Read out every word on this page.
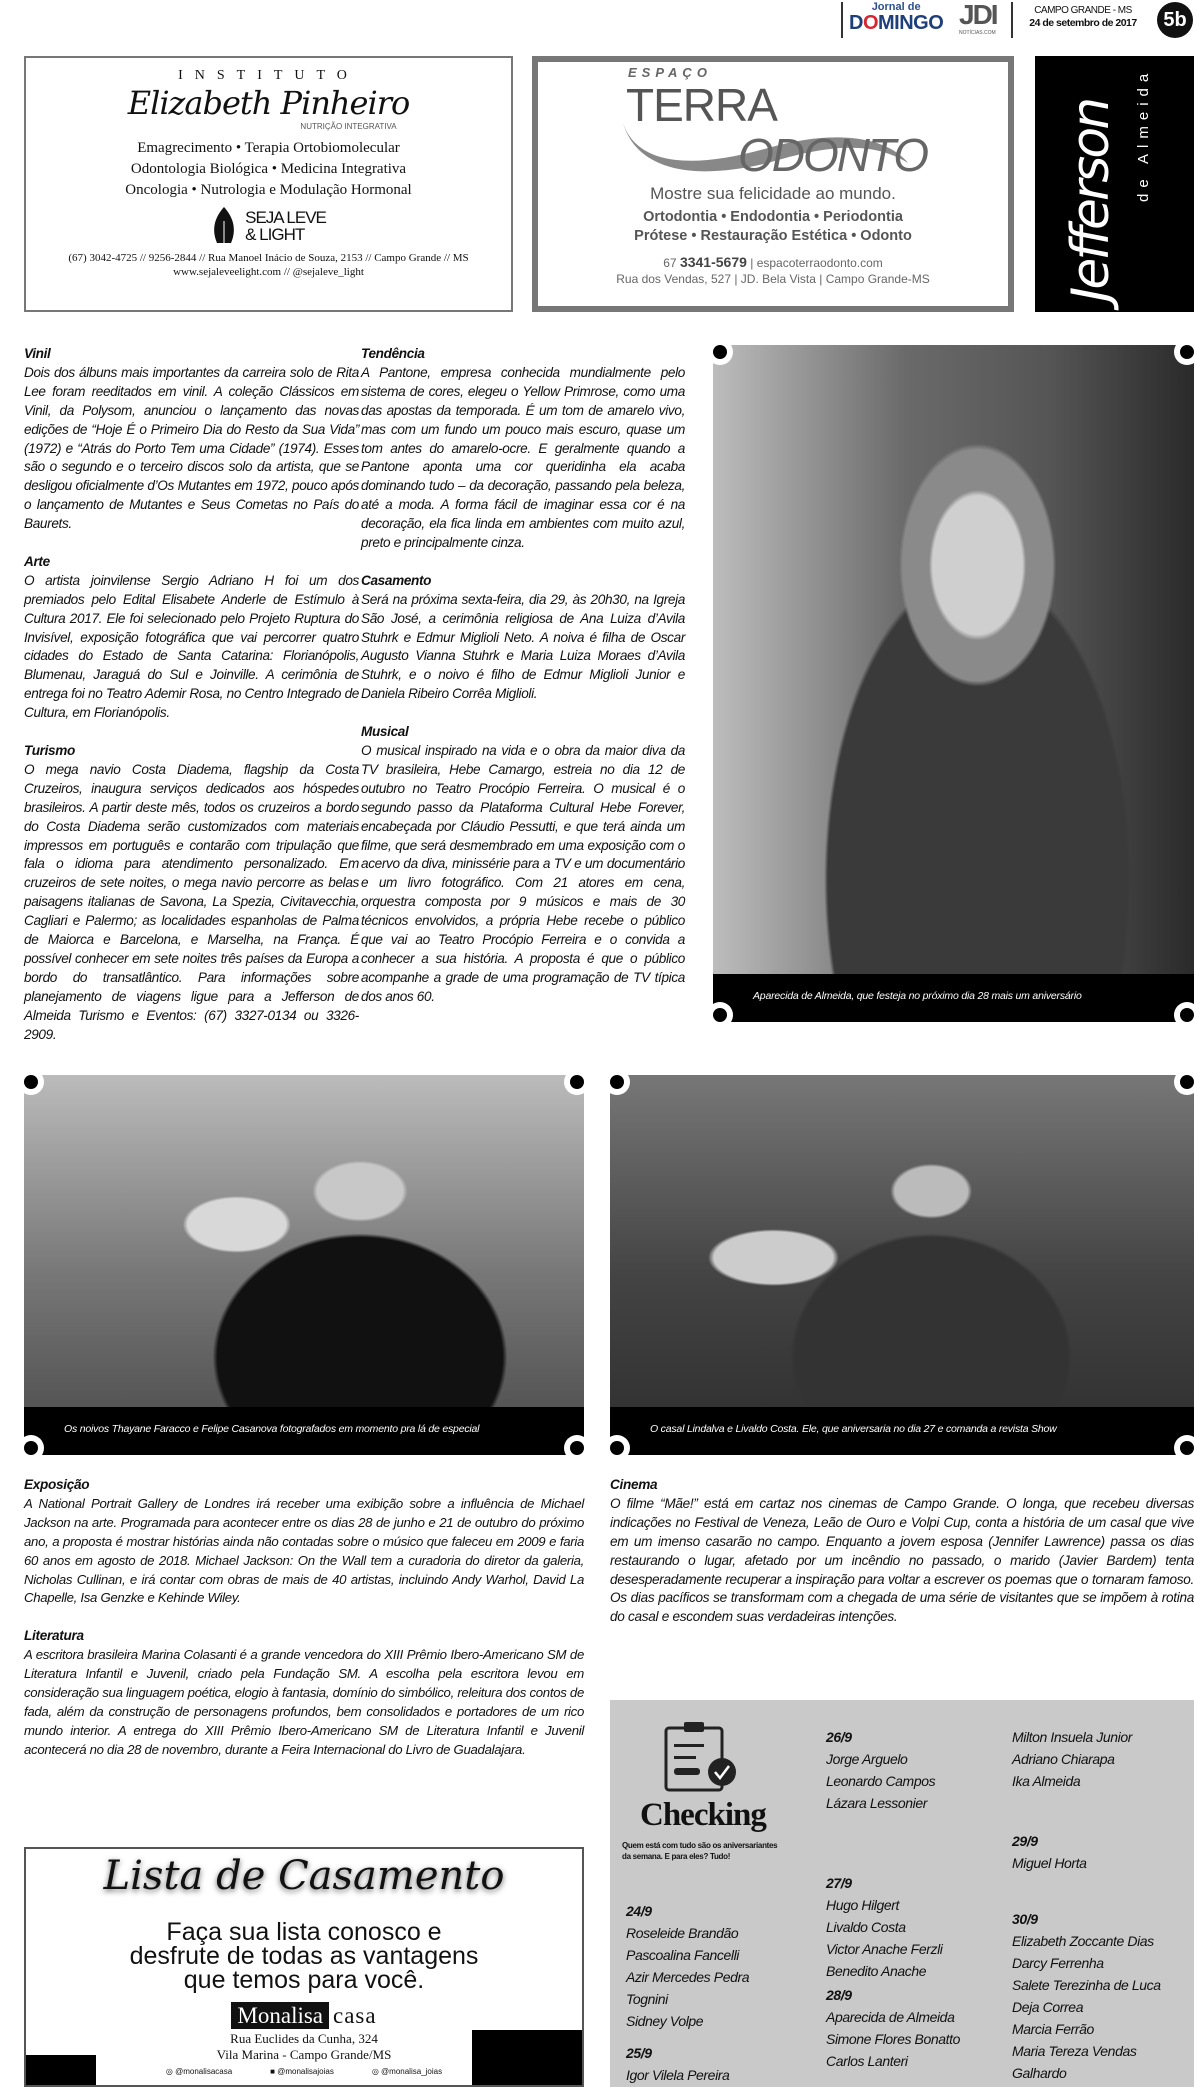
Jornal de
DOMINGO JDI
NOTÍCIAS.COM
CAMPO GRANDE - MS
24 de setembro de 2017	5b
INSTITUTO
Elizabeth Pinheiro
NUTRIÇÃO INTEGRATIVA
Emagrecimento • Terapia Ortobiomolecular
Odontologia Biológica • Medicina Integrativa
Oncologia • Nutrologia e Modulação Hormonal
SEJA LEVE
& LIGHT
(67) 3042-4725 // 9256-2844 // Rua Manoel Inácio de Souza, 2153 // Campo Grande // MS
www.sejaleveelight.com // @sejaleve_light
ESPAÇO
TERRA
ODONTO
Mostre sua felicidade ao mundo.
Ortodontia • Endodontia • Periodontia
Prótese • Restauração Estética • Odonto
67 3341-5679 | espacoterraodonto.com
Rua dos Vendas, 527 | JD. Bela Vista | Campo Grande-MS	Jefferson de Almeida
Vinil

Dois dos álbuns mais importantes da carreira solo de Rita Lee foram reeditados em vinil. A coleção Clássicos em Vinil, da Polysom, anunciou o lançamento das novas edições de “Hoje É o Primeiro Dia do Resto da Sua Vida” (1972) e “Atrás do Porto Tem uma Cidade” (1974). Esses são o segundo e o terceiro discos solo da artista, que se desligou oficialmente d’Os Mutantes em 1972, pouco após o lançamento de Mutantes e Seus Cometas no País do Baurets.

Arte

O artista joinvilense Sergio Adriano H foi um dos premiados pelo Edital Elisabete Anderle de Estímulo à Cultura 2017. Ele foi selecionado pelo Projeto Ruptura do Invisível, exposição fotográfica que vai percorrer quatro cidades do Estado de Santa Catarina: Florianópolis, Blumenau, Jaraguá do Sul e Joinville. A cerimônia de entrega foi no Teatro Ademir Rosa, no Centro Integrado de Cultura, em Florianópolis.

Turismo

O mega navio Costa Diadema, flagship da Costa Cruzeiros, inaugura serviços dedicados aos hóspedes brasileiros. A partir deste mês, todos os cruzeiros a bordo do Costa Diadema serão customizados com materiais impressos em português e contarão com tripulação que fala o idioma para atendimento personalizado. Em cruzeiros de sete noites, o mega navio percorre as belas paisagens italianas de Savona, La Spezia, Civitavecchia, Cagliari e Palermo; as localidades espanholas de Palma de Maiorca e Barcelona, e Marselha, na França. É possível conhecer em sete noites três países da Europa a bordo do transatlântico. Para informações sobre planejamento de viagens ligue para a Jefferson de Almeida Turismo e Eventos: (67) 3327-0134 ou 3326-2909.

Tendência

A Pantone, empresa conhecida mundialmente pelo sistema de cores, elegeu o Yellow Primrose, como uma das apostas da temporada. É um tom de amarelo vivo, mas com um fundo um pouco mais escuro, quase um tom antes do amarelo-ocre. E geralmente quando a Pantone aponta uma cor queridinha ela acaba dominando tudo – da decoração, passando pela beleza, até a moda. A forma fácil de imaginar essa cor é na decoração, ela fica linda em ambientes com muito azul, preto e principalmente cinza.

Casamento

Será na próxima sexta-feira, dia 29, às 20h30, na Igreja São José, a cerimônia religiosa de Ana Luiza d’Avila Stuhrk e Edmur Miglioli Neto. A noiva é filha de Oscar Augusto Vianna Stuhrk e Maria Luiza Moraes d’Avila Stuhrk, e o noivo é filho de Edmur Miglioli Junior e Daniela Ribeiro Corrêa Miglioli.

Musical

O musical inspirado na vida e o obra da maior diva da TV brasileira, Hebe Camargo, estreia no dia 12 de outubro no Teatro Procópio Ferreira. O musical é o segundo passo da Plataforma Cultural Hebe Forever, encabeçada por Cláudio Pessutti, e que terá ainda um filme, que será desmembrado em uma exposição com o acervo da diva, minissérie para a TV e um documentário e um livro fotográfico. Com 21 atores em cena, orquestra composta por 9 músicos e mais de 30 técnicos envolvidos, a própria Hebe recebe o público que vai ao Teatro Procópio Ferreira e o convida a conhecer a sua história. A proposta é que o público acompanhe a grade de uma programação de TV típica dos anos 60.	Aparecida de Almeida, que festeja no próximo dia 28 mais um aniversário
Os noivos Thayane Faracco e Felipe Casanova fotografados em momento pra lá de especial	O casal Lindalva e Livaldo Costa. Ele, que aniversaria no dia 27 e comanda a revista Show
Exposição

A National Portrait Gallery de Londres irá receber uma exibição sobre a influência de Michael Jackson na arte. Programada para acontecer entre os dias 28 de junho e 21 de outubro do próximo ano, a proposta é mostrar histórias ainda não contadas sobre o músico que faleceu em 2009 e faria 60 anos em agosto de 2018. Michael Jackson: On the Wall tem a curadoria do diretor da galeria, Nicholas Cullinan, e irá contar com obras de mais de 40 artistas, incluindo Andy Warhol, David La Chapelle, Isa Genzke e Kehinde Wiley.

Literatura

A escritora brasileira Marina Colasanti é a grande vencedora do XIII Prêmio Ibero-Americano SM de Literatura Infantil e Juvenil, criado pela Fundação SM. A escolha pela escritora levou em consideração sua linguagem poética, elogio à fantasia, domínio do simbólico, releitura dos contos de fada, além da construção de personagens profundos, bem consolidados e portadores de um rico mundo interior. A entrega do XIII Prêmio Ibero-Americano SM de Literatura Infantil e Juvenil acontecerá no dia 28 de novembro, durante a Feira Internacional do Livro de Guadalajara.

Cinema

O filme “Mãe!” está em cartaz nos cinemas de Campo Grande. O longa, que recebeu diversas indicações no Festival de Veneza, Leão de Ouro e Volpi Cup, conta a história de um casal que vive em um imenso casarão no campo. Enquanto a jovem esposa (Jennifer Lawrence) passa os dias restaurando o lugar, afetado por um incêndio no passado, o marido (Javier Bardem) tenta desesperadamente recuperar a inspiração para voltar a escrever os poemas que o tornaram famoso. Os dias pacíficos se transformam com a chegada de uma série de visitantes que se impõem à rotina do casal e escondem suas verdadeiras intenções.

Lista de Casamento
Faça sua lista conosco e
desfrute de todas as vantagens
que temos para você.
Monalisa casa
Rua Euclides da Cunha, 324
Vila Marina - Campo Grande/MS
◎ @monalisacasa	■ @monalisajoias	◎ @monalisa_joias
Checking
Quem está com tudo são os aniversariantes da semana. E para eles? Tudo!
24/9
Roseleide Brandão
Pascoalina Fancelli
Azir Mercedes Pedra
Tognini
Sidney Volpe
25/9
Igor Vilela Pereira
26/9
Jorge Arguelo
Leonardo Campos
Lázara Lessonier
27/9
Hugo Hilgert
Livaldo Costa
Victor Anache Ferzli
Benedito Anache
28/9
Aparecida de Almeida
Simone Flores Bonatto
Carlos Lanteri
Milton Insuela Junior
Adriano Chiarapa
Ika Almeida
29/9
Miguel Horta
30/9
Elizabeth Zoccante Dias
Darcy Ferrenha
Salete Terezinha de Luca
Deja Correa
Marcia Ferrão
Maria Tereza Vendas
Galhardo
